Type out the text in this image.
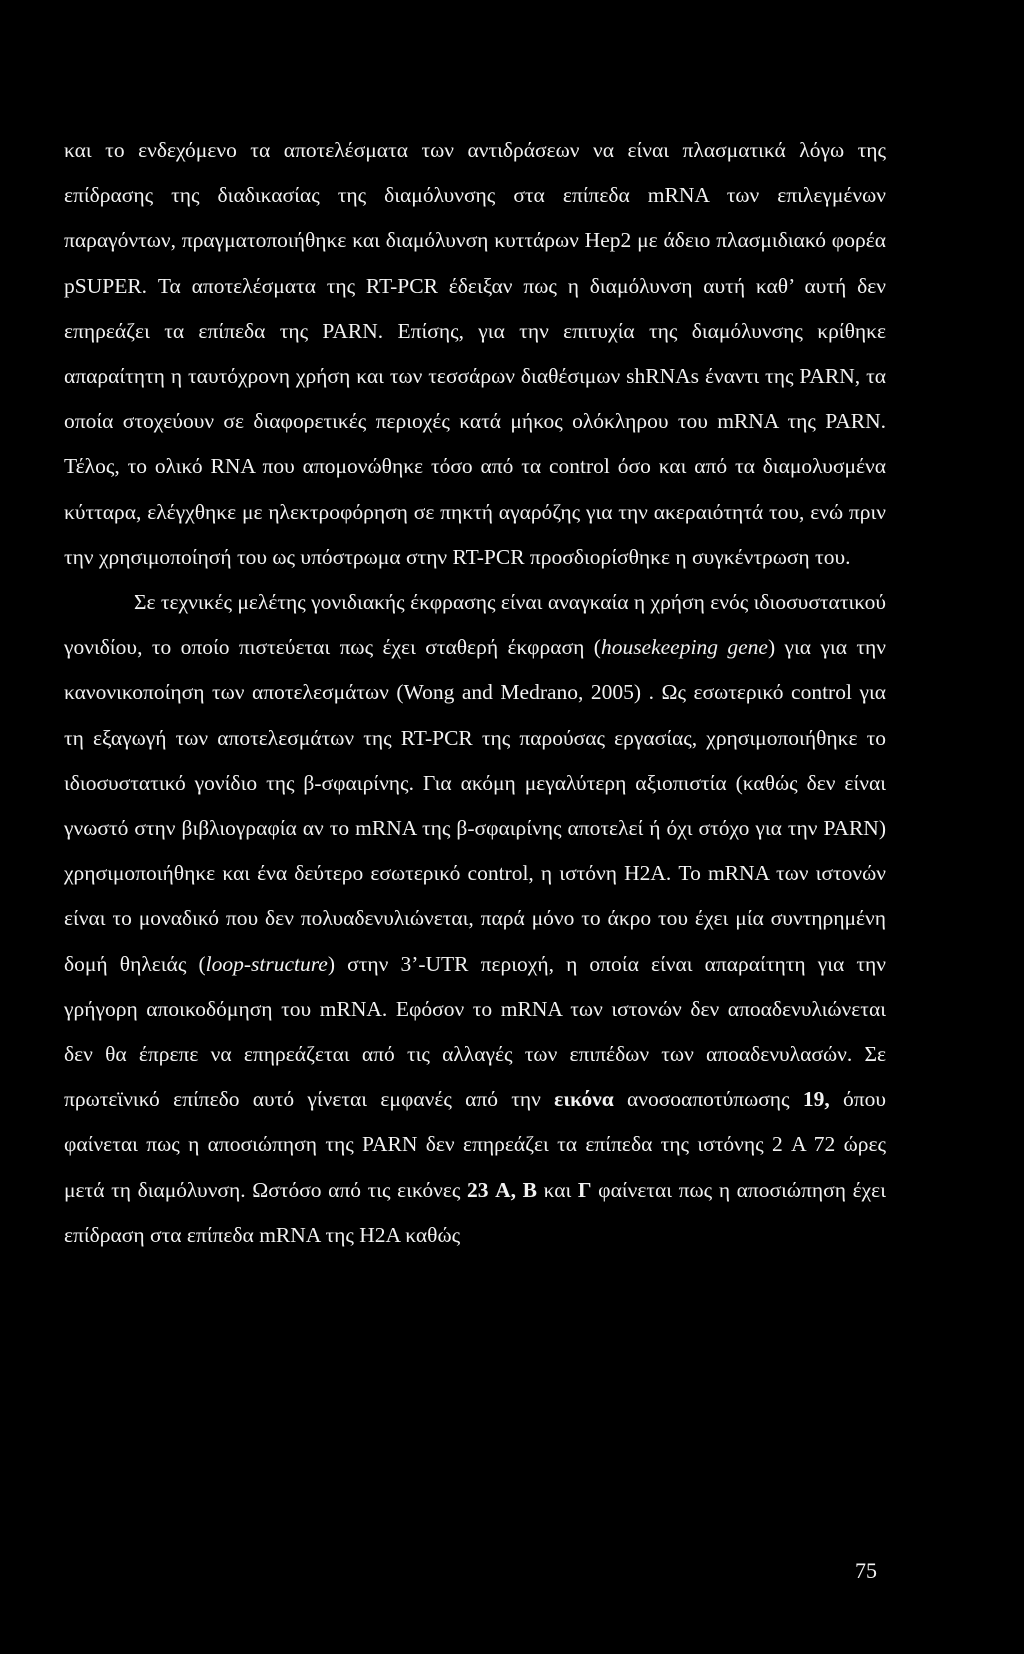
και το ενδεχόμενο τα αποτελέσματα των αντιδράσεων να είναι πλασματικά λόγω της επίδρασης της διαδικασίας της διαμόλυνσης στα επίπεδα mRNA των επιλεγμένων παραγόντων, πραγματοποιήθηκε και διαμόλυνση κυττάρων Hep2 με άδειο πλασμιδιακό φορέα pSUPER. Τα αποτελέσματα της RT-PCR έδειξαν πως η διαμόλυνση αυτή καθ’ αυτή δεν επηρεάζει τα επίπεδα της PARN. Επίσης, για την επιτυχία της διαμόλυνσης κρίθηκε απαραίτητη η ταυτόχρονη χρήση και των τεσσάρων διαθέσιμων shRNAs έναντι της PARN, τα οποία στοχεύουν σε διαφορετικές περιοχές κατά μήκος ολόκληρου του mRNA της PARN. Τέλος, το ολικό RNA που απομονώθηκε τόσο από τα control όσο και από τα διαμολυσμένα κύτταρα, ελέγχθηκε με ηλεκτροφόρηση σε πηκτή αγαρόζης για την ακεραιότητά του, ενώ πριν την χρησιμοποίησή του ως υπόστρωμα στην RT-PCR προσδιορίσθηκε η συγκέντρωση του.

Σε τεχνικές μελέτης γονιδιακής έκφρασης είναι αναγκαία η χρήση ενός ιδιοσυστατικού γονιδίου, το οποίο πιστεύεται πως έχει σταθερή έκφραση (housekeeping gene) για για την κανονικοποίηση των αποτελεσμάτων (Wong and Medrano, 2005) . Ως εσωτερικό control για τη εξαγωγή των αποτελεσμάτων της RT-PCR της παρούσας εργασίας, χρησιμοποιήθηκε το ιδιοσυστατικό γονίδιο της β-σφαιρίνης. Για ακόμη μεγαλύτερη αξιοπιστία (καθώς δεν είναι γνωστό στην βιβλιογραφία αν το mRNA της β-σφαιρίνης αποτελεί ή όχι στόχο για την PARN) χρησιμοποιήθηκε και ένα δεύτερο εσωτερικό control, η ιστόνη H2A. Το mRNA των ιστονών είναι το μοναδικό που δεν πολυαδενυλιώνεται, παρά μόνο το άκρο του έχει μία συντηρημένη δομή θηλειάς (loop-structure) στην 3’-UTR περιοχή, η οποία είναι απαραίτητη για την γρήγορη αποικοδόμηση του mRNA. Εφόσον το mRNA των ιστονών δεν αποαδενυλιώνεται δεν θα έπρεπε να επηρεάζεται από τις αλλαγές των επιπέδων των αποαδενυλασών. Σε πρωτεϊνικό επίπεδο αυτό γίνεται εμφανές από την εικόνα ανοσοαποτύπωσης 19, όπου φαίνεται πως η αποσιώπηση της PARN δεν επηρεάζει τα επίπεδα της ιστόνης 2 A 72 ώρες μετά τη διαμόλυνση. Ωστόσο από τις εικόνες 23 A, B και Γ φαίνεται πως η αποσιώπηση έχει επίδραση στα επίπεδα mRNA της H2A καθώς

75
